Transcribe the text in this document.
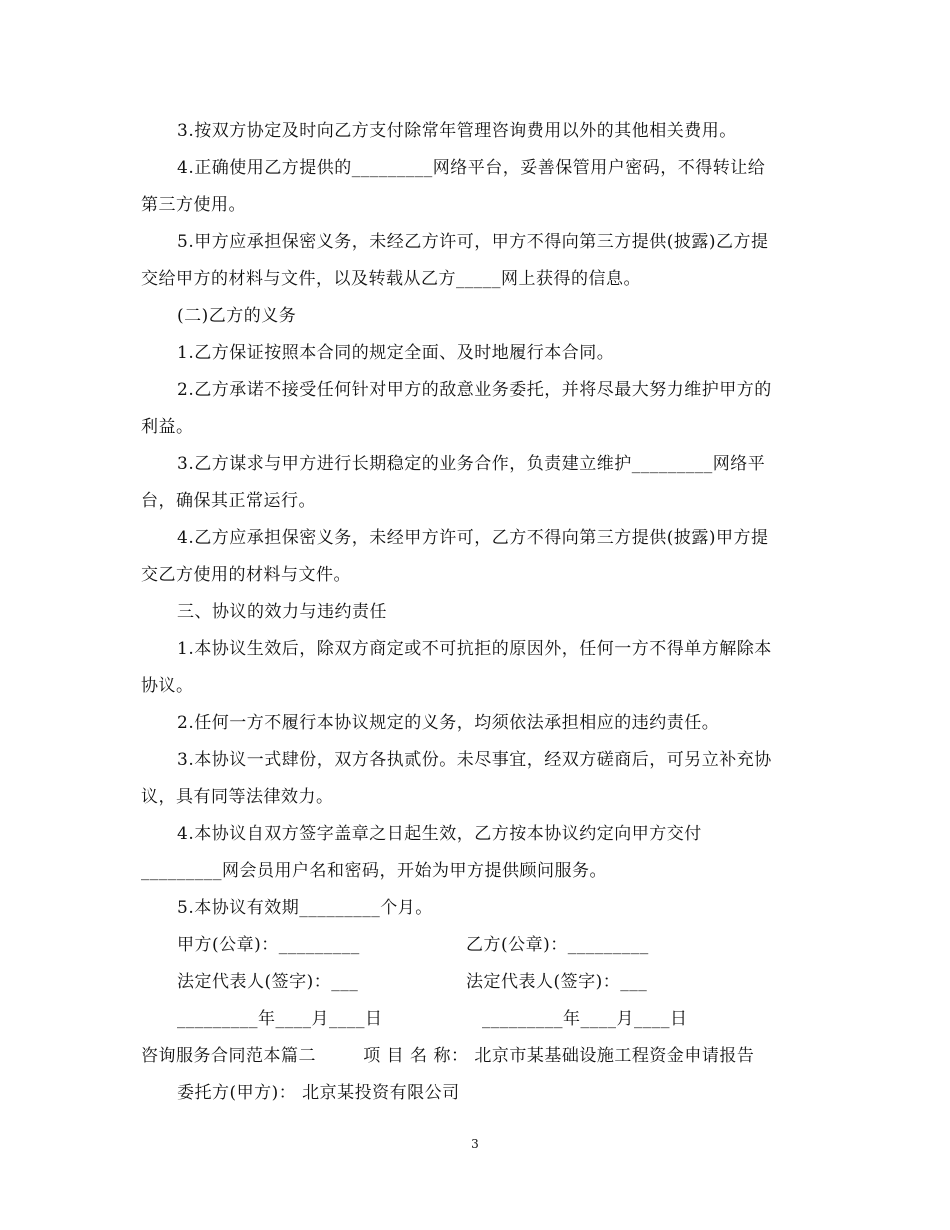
3.按双方协定及时向乙方支付除常年管理咨询费用以外的其他相关费用。
4.正确使用乙方提供的_________网络平台，妥善保管用户密码，不得转让给
第三方使用。
5.甲方应承担保密义务，未经乙方许可，甲方不得向第三方提供(披露)乙方提
交给甲方的材料与文件，以及转载从乙方_____网上获得的信息。
(二)乙方的义务
1.乙方保证按照本合同的规定全面、及时地履行本合同。
2.乙方承诺不接受任何针对甲方的敌意业务委托，并将尽最大努力维护甲方的
利益。
3.乙方谋求与甲方进行长期稳定的业务合作，负责建立维护_________网络平
台，确保其正常运行。
4.乙方应承担保密义务，未经甲方许可，乙方不得向第三方提供(披露)甲方提
交乙方使用的材料与文件。
三、协议的效力与违约责任
1.本协议生效后，除双方商定或不可抗拒的原因外，任何一方不得单方解除本
协议。
2.任何一方不履行本协议规定的义务，均须依法承担相应的违约责任。
3.本协议一式肆份，双方各执贰份。未尽事宜，经双方磋商后，可另立补充协
议，具有同等法律效力。
4.本协议自双方签字盖章之日起生效，乙方按本协议约定向甲方交付
_________网会员用户名和密码，开始为甲方提供顾问服务。
5.本协议有效期_________个月。
甲方(公章)：_________	乙方(公章)：_________
法定代表人(签字)：___	法定代表人(签字)：___
_________年____月____日	_________年____月____日
咨询服务合同范本篇二        项 目 名 称： 北京市某基础设施工程资金申请报告
委托方(甲方)： 北京某投资有限公司
3
